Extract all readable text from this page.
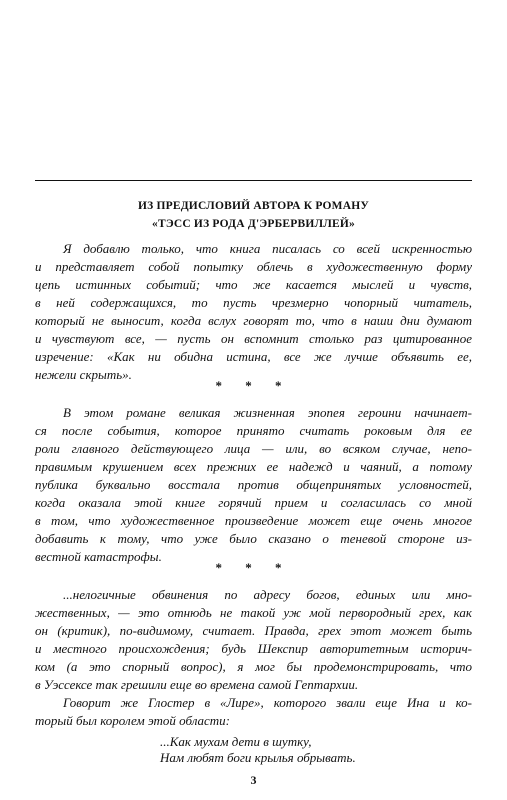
ИЗ ПРЕДИСЛОВИЙ АВТОРА К РОМАНУ
«ТЭСС ИЗ РОДА Д'ЭРБЕРВИЛЛЕЙ»
Я добавлю только, что книга писалась со всей искренностью
и представляет собой попытку облечь в художественную форму
цепь истинных событий; что же касается мыслей и чувств,
в ней содержащихся, то пусть чрезмерно чопорный читатель,
который не выносит, когда вслух говорят то, что в наши дни думают
и чувствуют все, — пусть он вспомнит столько раз цитированное
изречение: «Как ни обидна истина, все же лучше объявить ее,
нежели скрыть».
* * *
В этом романе великая жизненная эпопея героини начинает-
ся после события, которое принято считать роковым для ее
роли главного действующего лица — или, во всяком случае, непо-
правимым крушением всех прежних ее надежд и чаяний, а потому
публика буквально восстала против общепринятых условностей,
когда оказала этой книге горячий прием и согласилась со мной
в том, что художественное произведение может еще очень многое
добавить к тому, что уже было сказано о теневой стороне из-
вестной катастрофы.
* * *
...нелогичные обвинения по адресу богов, единых или мно-
жественных, — это отнюдь не такой уж мой первородный грех, как
он (критик), по-видимому, считает. Правда, грех этот может быть
и местного происхождения; будь Шекспир авторитетным историч-
ком (а это спорный вопрос), я мог бы продемонстрировать, что
в Уэссексе так грешили еще во времена самой Гептархии.
Говорит же Глостер в «Лире», которого звали еще Ина и ко-
торый был королем этой области:
...Как мухам дети в шутку,
Нам любят боги крылья обрывать.
3
